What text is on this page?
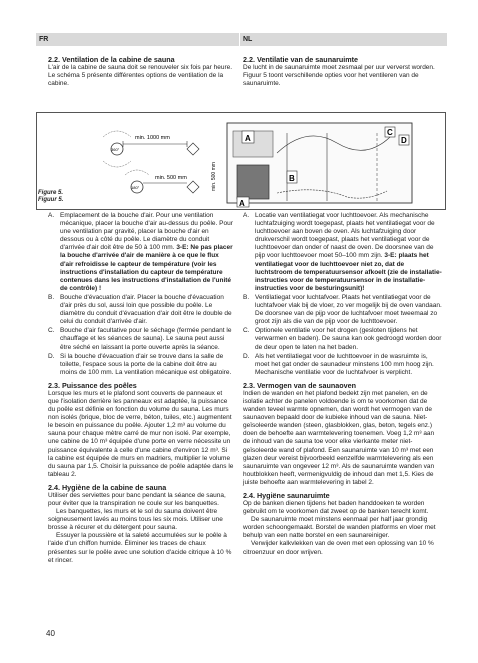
FR	NL
2.2. Ventilation de la cabine de sauna

L'air de la cabine de sauna doit se renouveler six fois par heure. Le schéma 5 présente différentes options de ventilation de la cabine.

2.2. Ventilatie van de saunaruimte

De lucht in de saunaruimte moet zesmaal per uur ververst worden. Figuur 5 toont verschillende opties voor het ventileren van de saunaruimte.

min. 1000 mm
min. 500 mm
360°
180°	min. 500 mm
A
B
C
D
A
Figure 5.
Figuur 5.
A. Emplacement de la bouche d'air. Pour une ventilation mécanique, placer la bouche d'air au-dessus du poêle. Pour une ventilation par gravité, placer la bouche d'air en dessous ou à côté du poêle. Le diamètre du conduit d'arrivée d'air doit être de 50 à 100 mm. 3-E: Ne pas placer la bouche d'arrivée d'air de manière à ce que le flux d'air refroidisse le capteur de température (voir les instructions d'installation du capteur de température contenues dans les instructions d'installation de l'unité de contrôle) !
B. Bouche d'évacuation d'air. Placer la bouche d'évacuation d'air près du sol, aussi loin que possible du poêle. Le diamètre du conduit d'évacuation d'air doit être le double de celui du conduit d'arrivée d'air.
C. Bouche d'air facultative pour le séchage (fermée pendant le chauffage et les séances de sauna). Le sauna peut aussi être séché en laissant la porte ouverte après la séance.
D. Si la bouche d'évacuation d'air se trouve dans la salle de toilette, l'espace sous la porte de la cabine doit être au moins de 100 mm. La ventilation mécanique est obligatoire.
2.3. Puissance des poêles

Lorsque les murs et le plafond sont couverts de panneaux et que l'isolation derrière les panneaux est adaptée, la puissance du poêle est définie en fonction du volume du sauna. Les murs non isolés (brique, bloc de verre, béton, tuiles, etc.) augmentent le besoin en puissance du poêle. Ajouter 1,2 m³ au volume du sauna pour chaque mètre carré de mur non isolé. Par exemple, une cabine de 10 m³ équipée d'une porte en verre nécessite un puissance équivalente à celle d'une cabine d'environ 12 m³. Si la cabine est équipée de murs en madriers, multiplier le volume du sauna par 1,5. Choisir la puissance de poêle adaptée dans le tableau 2.

2.4. Hygiène de la cabine de sauna

Utiliser des serviettes pour banc pendant la séance de sauna, pour éviter que la transpiration ne coule sur les banquettes.

Les banquettes, les murs et le sol du sauna doivent être soigneusement lavés au moins tous les six mois. Utiliser une brosse à récurer et du détergent pour sauna.

Essuyer la poussière et la saleté accumulées sur le poêle à l'aide d'un chiffon humide. Éliminer les traces de chaux présentes sur le poêle avec une solution d'acide citrique à 10 % et rincer.

A. Locatie van ventilatiegat voor luchttoevoer. Als mechanische luchtafzuiging wordt toegepast, plaats het ventilatiegat voor de luchttoevoer aan boven de oven. Als luchtafzuiging door drukverschil wordt toegepast, plaats het ventilatiegat voor de luchttoevoer dan onder of naast de oven. De doorsnee van de pijp voor luchttoevoer moet 50–100 mm zijn. 3-E: plaats het ventilatiegat voor de luchttoevoer niet zo, dat de luchtstroom de temperatuursensor afkoelt (zie de installatie-instructies voor de temperatuursensor in de installatie-instructies voor de besturingsunit)!
B. Ventilatiegat voor luchtafvoer. Plaats het ventilatiegat voor de luchtafvoer vlak bij de vloer, zo ver mogelijk bij de oven vandaan. De doorsnee van de pijp voor de luchtafvoer moet tweemaal zo groot zijn als die van de pijp voor de luchttoevoer.
C. Optionele ventilatie voor het drogen (gesloten tijdens het verwarmen en baden). De sauna kan ook gedroogd worden door de deur open te laten na het baden.
D. Als het ventilatiegat voor de luchttoevoer in de wasruimte is, moet het gat onder de saunadeur minstens 100 mm hoog zijn. Mechanische ventilatie voor de luchtafvoer is verplicht.
2.3. Vermogen van de saunaoven

Indien de wanden en het plafond bedekt zijn met panelen, en de isolatie achter de panelen voldoende is om te voorkomen dat de wanden teveel warmte opnemen, dan wordt het vermogen van de saunaoven bepaald door de kubieke inhoud van de sauna. Niet-geïsoleerde wanden (steen, glasblokken, glas, beton, tegels enz.) doen de behoefte aan warmtelevering toenemen. Voeg 1,2 m³ aan de inhoud van de sauna toe voor elke vierkante meter niet-geïsoleerde wand of plafond. Een saunaruimte van 10 m³ met een glazen deur vereist bijvoorbeeld eenzelfde warmtelevering als een saunaruimte van ongeveer 12 m³. Als de saunaruimte wanden van houtblokken heeft, vermenigvuldig de inhoud dan met 1,5. Kies de juiste behoefte aan warmtelevering in tabel 2.

2.4. Hygiëne saunaruimte

Op de banken dienen tijdens het baden handdoeken te worden gebruikt om te voorkomen dat zweet op de banken terecht komt.

De saunaruimte moet minstens eenmaal per half jaar grondig worden schoongemaakt. Borstel de wanden platforms en vloer met behulp van een natte borstel en een saunareiniger.

Verwijder kalkvlekken van de oven met een oplossing van 10 % citroenzuur en door wrijven.

40
